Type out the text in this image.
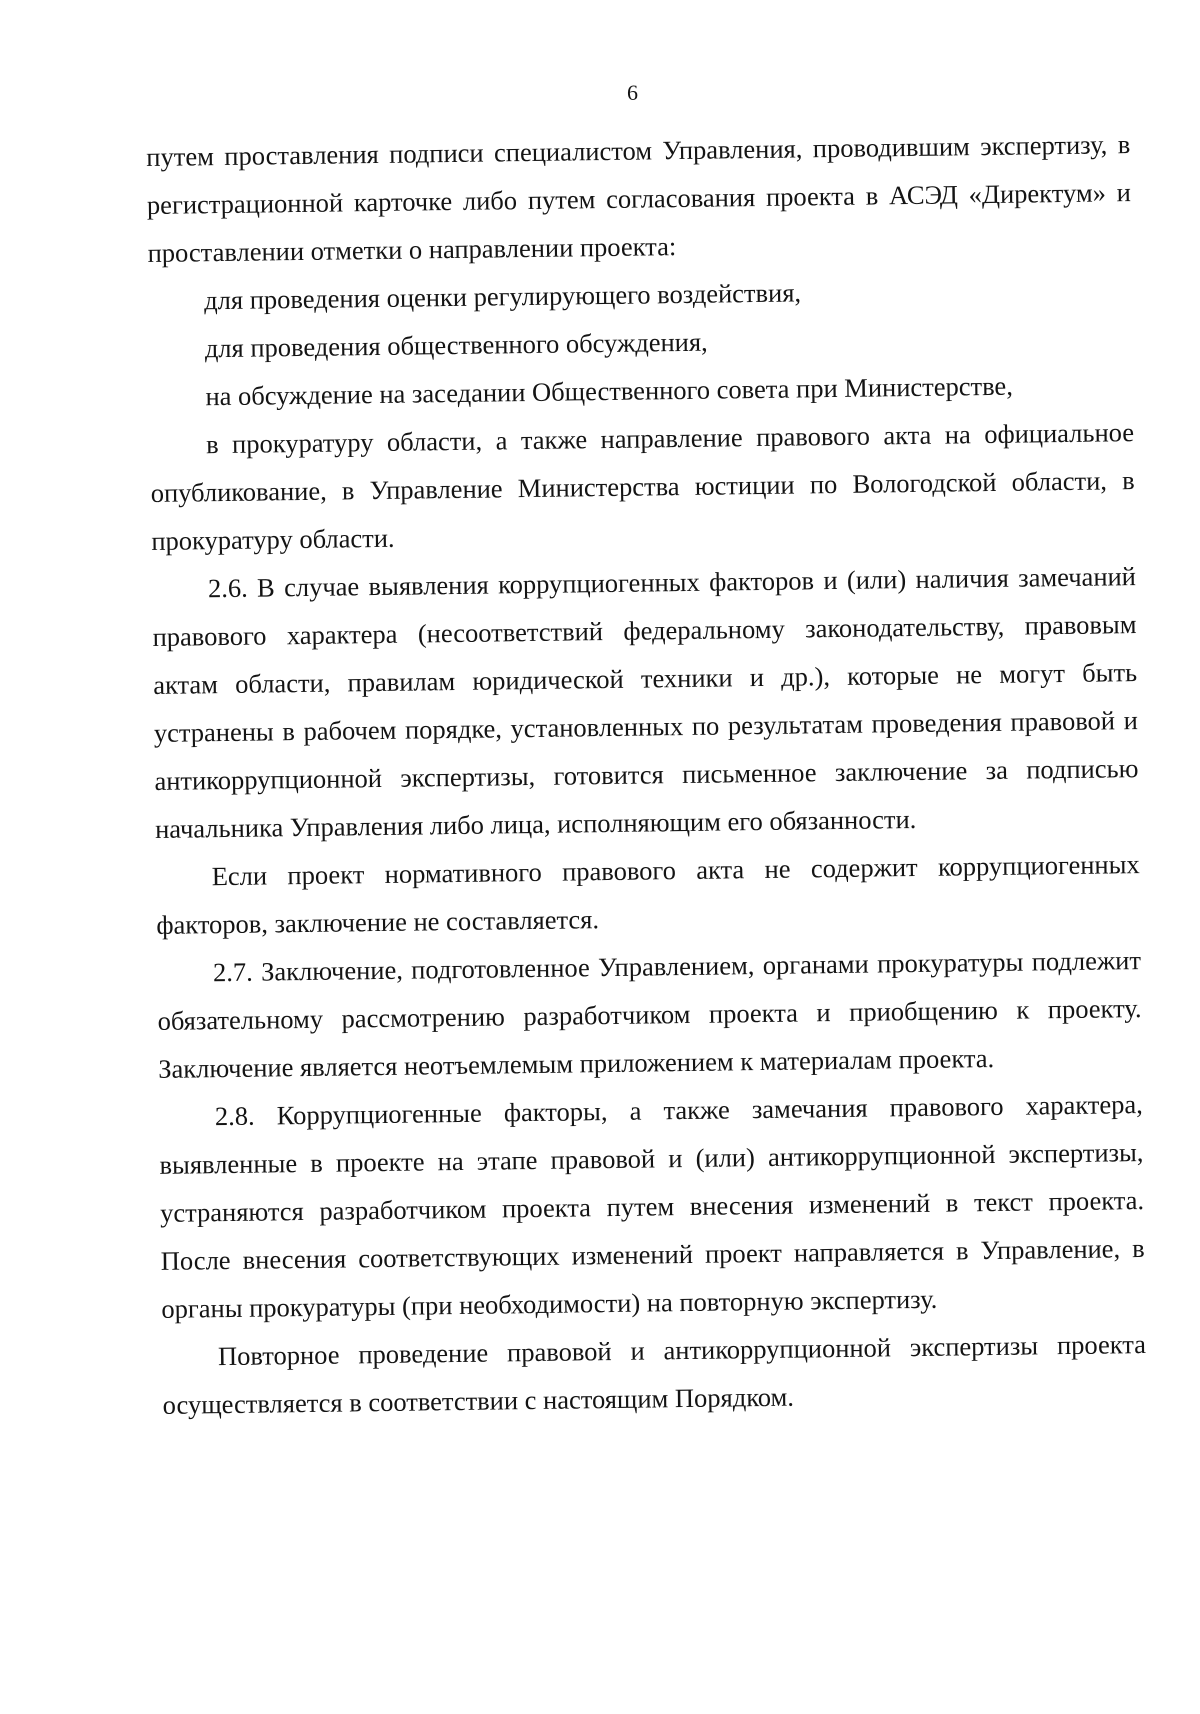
6

путем проставления подписи специалистом Управления, проводившим экспертизу, в регистрационной карточке либо путем согласования проекта в АСЭД «Директум» и проставлении отметки о направлении проекта:

для проведения оценки регулирующего воздействия,

для проведения общественного обсуждения,

на обсуждение на заседании Общественного совета при Министерстве,

в прокуратуру области, а также направление правового акта на официальное опубликование, в Управление Министерства юстиции по Вологодской области, в прокуратуру области.

2.6. В случае выявления коррупциогенных факторов и (или) наличия замечаний правового характера (несоответствий федеральному законодательству, правовым актам области, правилам юридической техники и др.), которые не могут быть устранены в рабочем порядке, установленных по результатам проведения правовой и антикоррупционной экспертизы, готовится письменное заключение за подписью начальника Управления либо лица, исполняющим его обязанности.

Если проект нормативного правового акта не содержит коррупциогенных факторов, заключение не составляется.

2.7. Заключение, подготовленное Управлением, органами прокуратуры подлежит обязательному рассмотрению разработчиком проекта и приобщению к проекту. Заключение является неотъемлемым приложением к материалам проекта.

2.8. Коррупциогенные факторы, а также замечания правового характера, выявленные в проекте на этапе правовой и (или) антикоррупционной экспертизы, устраняются разработчиком проекта путем внесения изменений в текст проекта. После внесения соответствующих изменений проект направляется в Управление, в органы прокуратуры (при необходимости) на повторную экспертизу.

Повторное проведение правовой и антикоррупционной экспертизы проекта осуществляется в соответствии с настоящим Порядком.
